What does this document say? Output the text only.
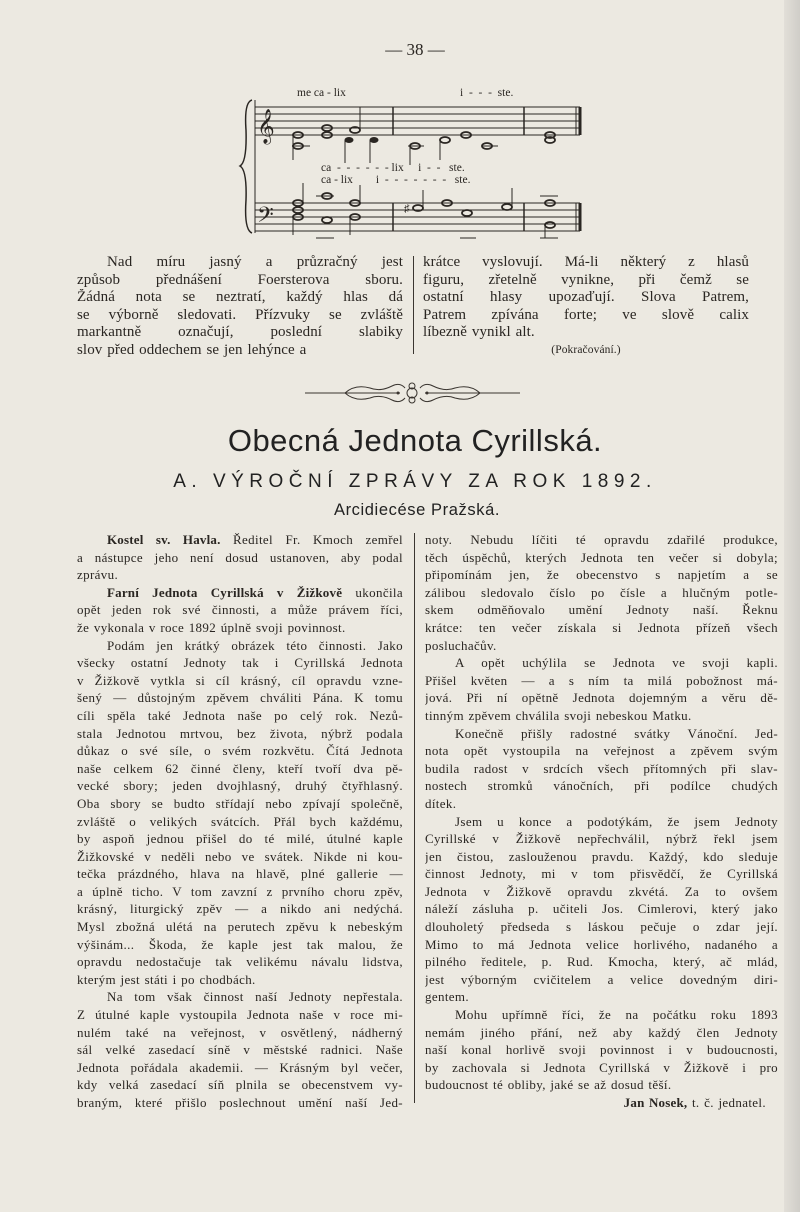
— 38 —
𝄞
𝄢	♯
me ca - lix	i  -  -  -  ste.
ca  -  -  -  -  -  - lix     i  -  -   ste.
ca - lix        i  -  -  -  -  -  -  -   ste.
Nad míru jasný a průzračný jest
způsob přednášení Foersterova sboru.
Žádná nota se neztratí, každý hlas dá
se výborně sledovati. Přízvuky se zvláště
markantně označují, poslední slabiky
slov před oddechem se jen lehýnce a
krátce vyslovují. Má-li některý z hlasů
figuru, zřetelně vynikne, při čemž se
ostatní hlasy upozaďují. Slova Patrem,
Patrem zpívána forte; ve slově calix
líbezně vynikl alt.
(Pokračování.)
Obecná Jednota Cyrillská.
A. VÝROČNÍ ZPRÁVY ZA ROK 1892.
Arcidiecése Pražská.
Kostel sv. Havla. Ředitel Fr. Kmoch zemřel
a nástupce jeho není dosud ustanoven, aby podal
zprávu.
Farní Jednota Cyrillská v Žižkově ukončila
opět jeden rok své činnosti, a může právem říci,
že vykonala v roce 1892 úplně svoji povinnost.
Podám jen krátký obrázek této činnosti. Jako
všecky ostatní Jednoty tak i Cyrillská Jednota
v Žižkově vytkla si cíl krásný, cíl opravdu vzne-
šený — důstojným zpěvem chváliti Pána. K tomu
cíli spěla také Jednota naše po celý rok. Nezů-
stala Jednotou mrtvou, bez života, nýbrž podala
důkaz o své síle, o svém rozkvětu. Čítá Jednota
naše celkem 62 činné členy, kteří tvoří dva pě-
vecké sbory; jeden dvojhlasný, druhý čtyřhlasný.
Oba sbory se budto střídají nebo zpívají společně,
zvláště o velikých svátcích. Přál bych každému,
by aspoň jednou přišel do té milé, útulné kaple
Žižkovské v neděli nebo ve svátek. Nikde ni kou-
tečka prázdného, hlava na hlavě, plné gallerie —
a úplně ticho. V tom zavzní z prvního choru zpěv,
krásný, liturgický zpěv — a nikdo ani nedýchá.
Mysl zbožná ulétá na perutech zpěvu k nebeským
výšinám... Škoda, že kaple jest tak malou, že
opravdu nedostačuje tak velikému návalu lidstva,
kterým jest státi i po chodbách.
Na tom však činnost naší Jednoty nepřestala.
Z útulné kaple vystoupila Jednota naše v roce mi-
nulém také na veřejnost, v osvětlený, nádherný
sál velké zasedací síně v městské radnici. Naše
Jednota pořádala akademii. — Krásným byl večer,
kdy velká zasedací síň plnila se obecenstvem vy-
braným, které přišlo poslechnout umění naší Jed-
noty. Nebudu líčiti té opravdu zdařilé produkce,
těch úspěchů, kterých Jednota ten večer si dobyla;
připomínám jen, že obecenstvo s napjetím a se
zálibou sledovalo číslo po čísle a hlučným potle-
skem odměňovalo umění Jednoty naší. Řeknu
krátce: ten večer získala si Jednota přízeň všech
posluchačův.
A opět uchýlila se Jednota ve svoji kapli.
Přišel květen — a s ním ta milá pobožnost má-
jová. Při ní opětně Jednota dojemným a věru dě-
tinným zpěvem chválila svoji nebeskou Matku.
Konečně přišly radostné svátky Vánoční. Jed-
nota opět vystoupila na veřejnost a zpěvem svým
budila radost v srdcích všech přítomných při slav-
nostech stromků vánočních, při podílce chudých
dítek.
Jsem u konce a podotýkám, že jsem Jednoty
Cyrillské v Žižkově nepřechválil, nýbrž řekl jsem
jen čistou, zaslouženou pravdu. Každý, kdo sleduje
činnost Jednoty, mi v tom přisvědčí, že Cyrillská
Jednota v Žižkově opravdu zkvétá. Za to ovšem
náleží zásluha p. učiteli Jos. Cimlerovi, který jako
dlouholetý předseda s láskou pečuje o zdar její.
Mimo to má Jednota velice horlivého, nadaného a
pilného ředitele, p. Rud. Kmocha, který, ač mlád,
jest výborným cvičitelem a velice dovedným diri-
gentem.
Mohu upřímně říci, že na počátku roku 1893
nemám jiného přání, než aby každý člen Jednoty
naší konal horlivě svoji povinnost i v budoucnosti,
by zachovala si Jednota Cyrillská v Žižkově i pro
budoucnost té obliby, jaké se až dosud těší.
Jan Nosek, t. č. jednatel.
